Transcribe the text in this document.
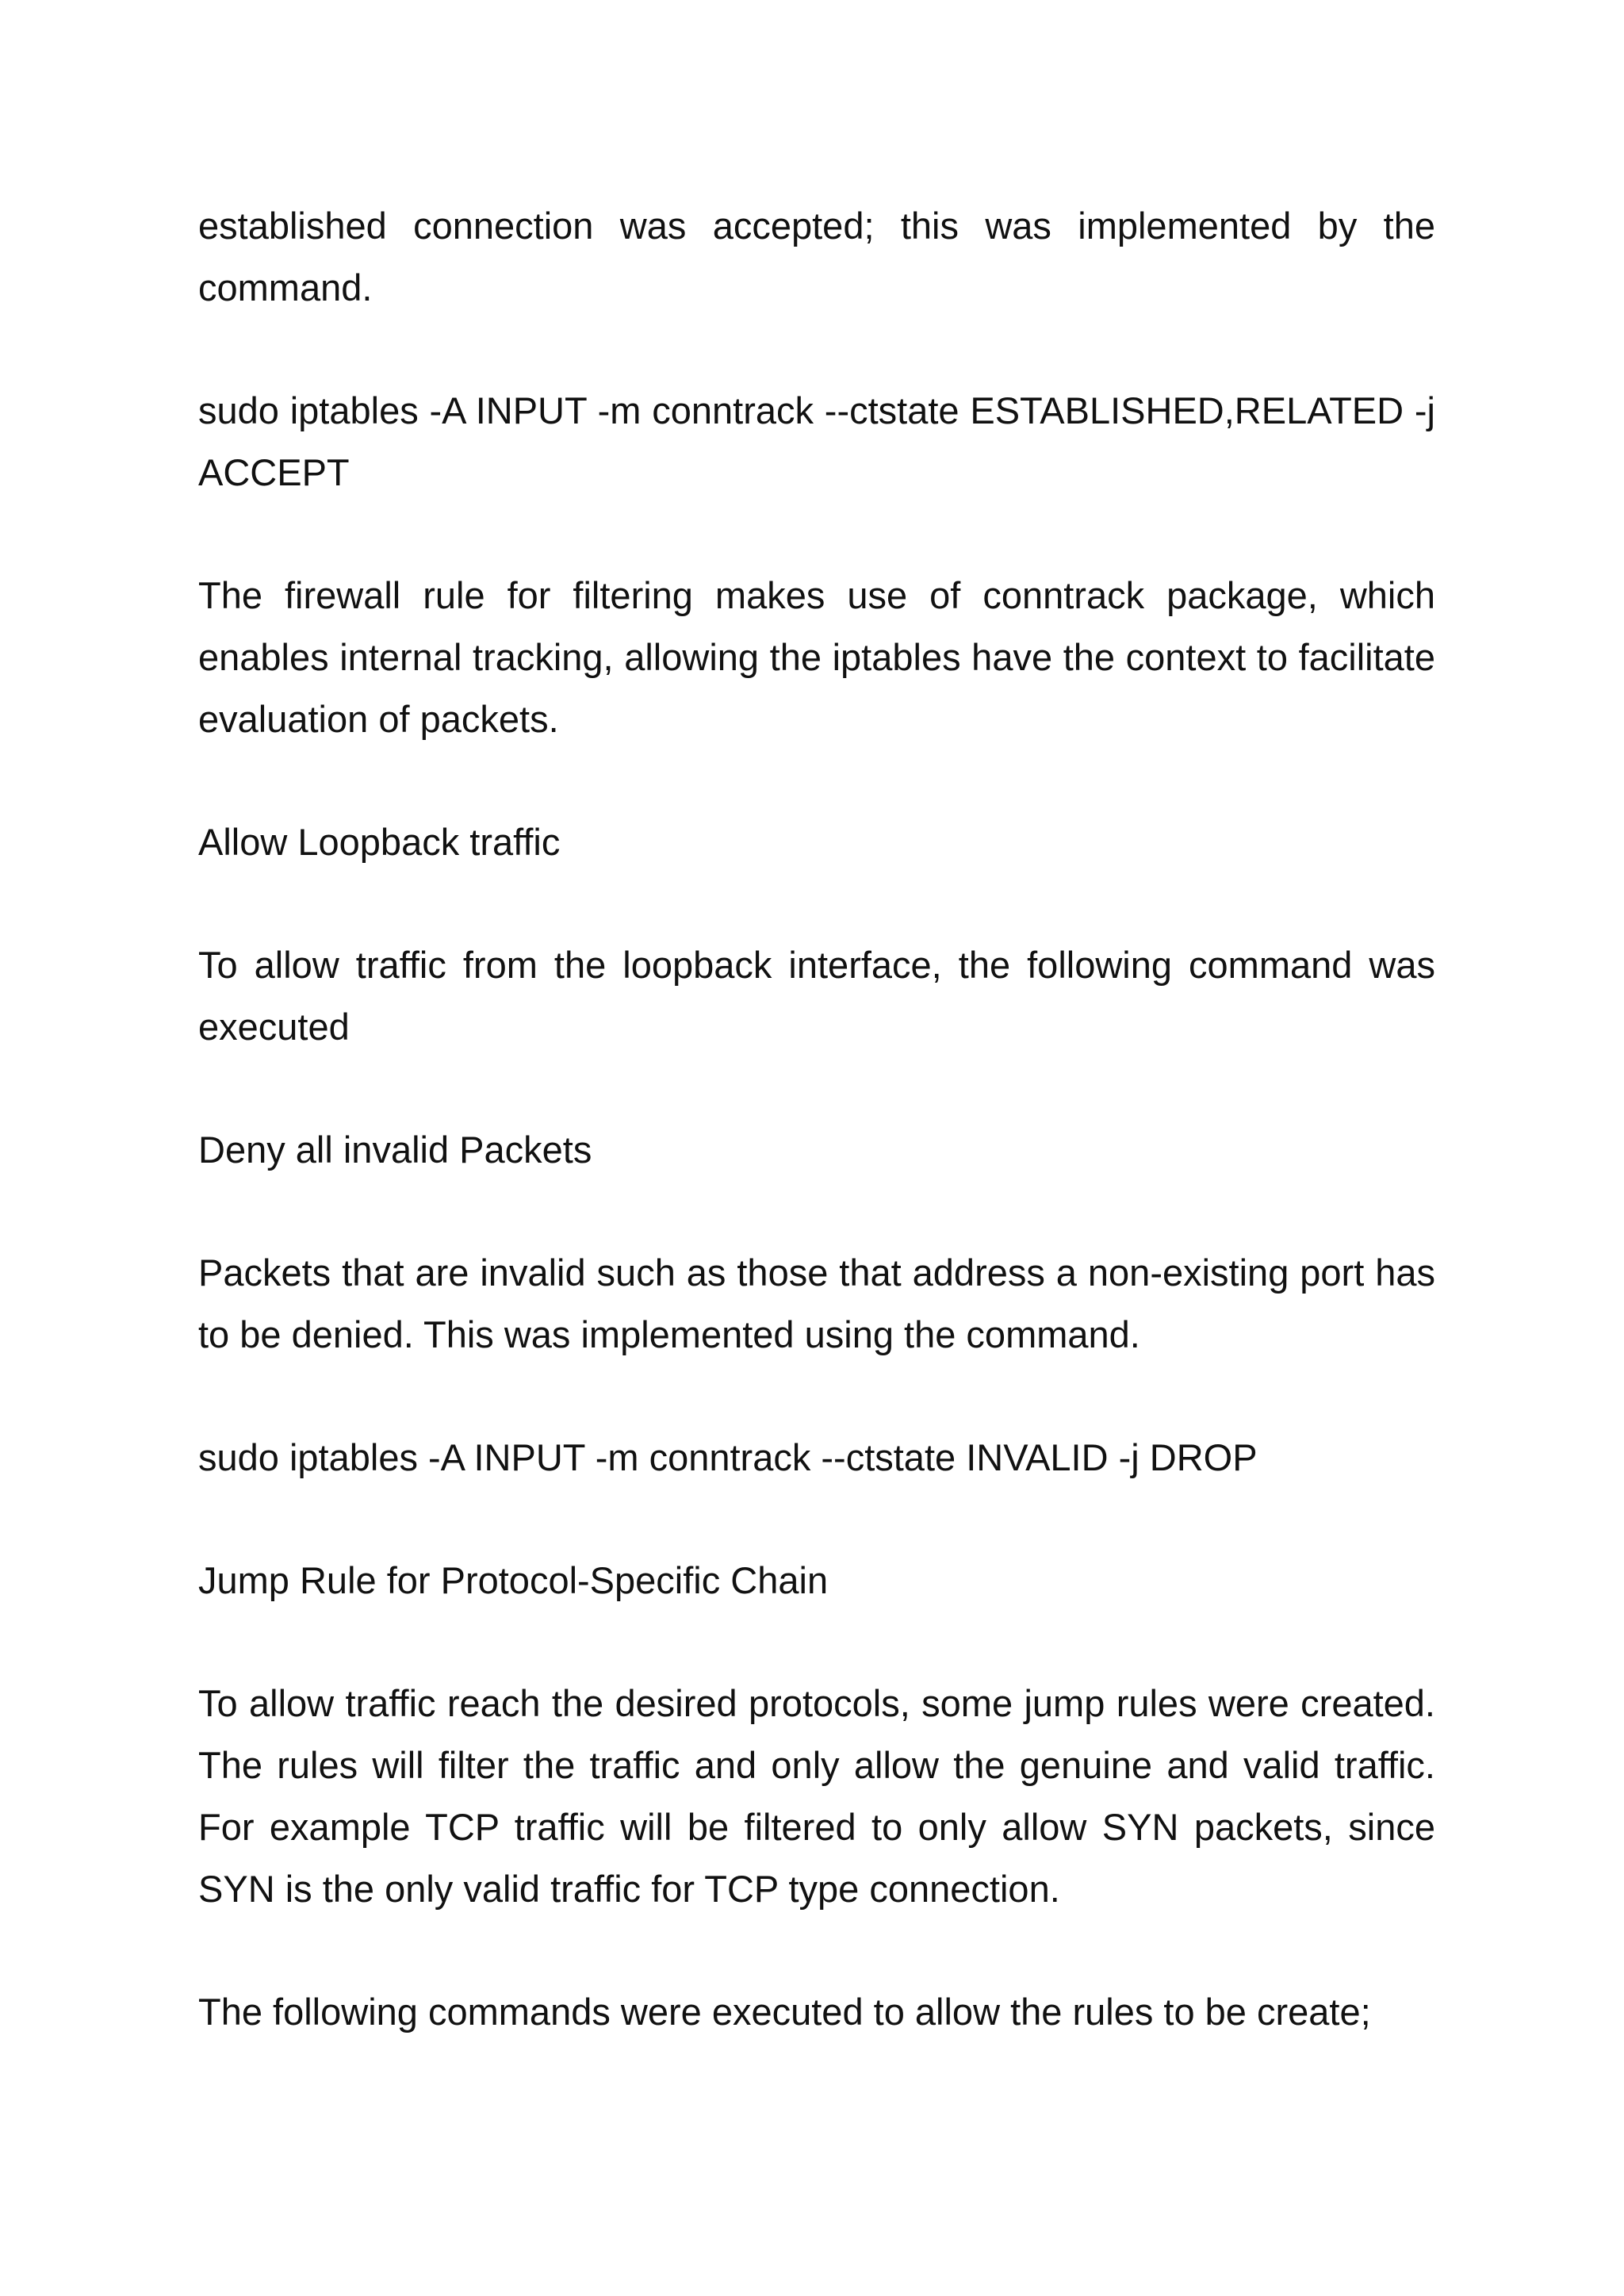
established connection was accepted; this was implemented by the command.

sudo iptables -A INPUT -m conntrack --ctstate ESTABLISHED,RELATED -j ACCEPT

The firewall rule for filtering makes use of conntrack package, which enables internal tracking, allowing the iptables have the context to facilitate evaluation of packets.

Allow Loopback traffic

To allow traffic from the loopback interface, the following command was executed

Deny all invalid Packets

Packets that are invalid such as those that address a non-existing port has to be denied. This was implemented using the command.

sudo iptables -A INPUT -m conntrack --ctstate INVALID -j DROP

Jump Rule for Protocol-Specific Chain

To allow traffic reach the desired protocols, some jump rules were created. The rules will filter the traffic and only allow the genuine and valid traffic. For example TCP traffic will be filtered to only allow SYN packets, since SYN is the only valid traffic for TCP type connection.

The following commands were executed to allow the rules to be create;
